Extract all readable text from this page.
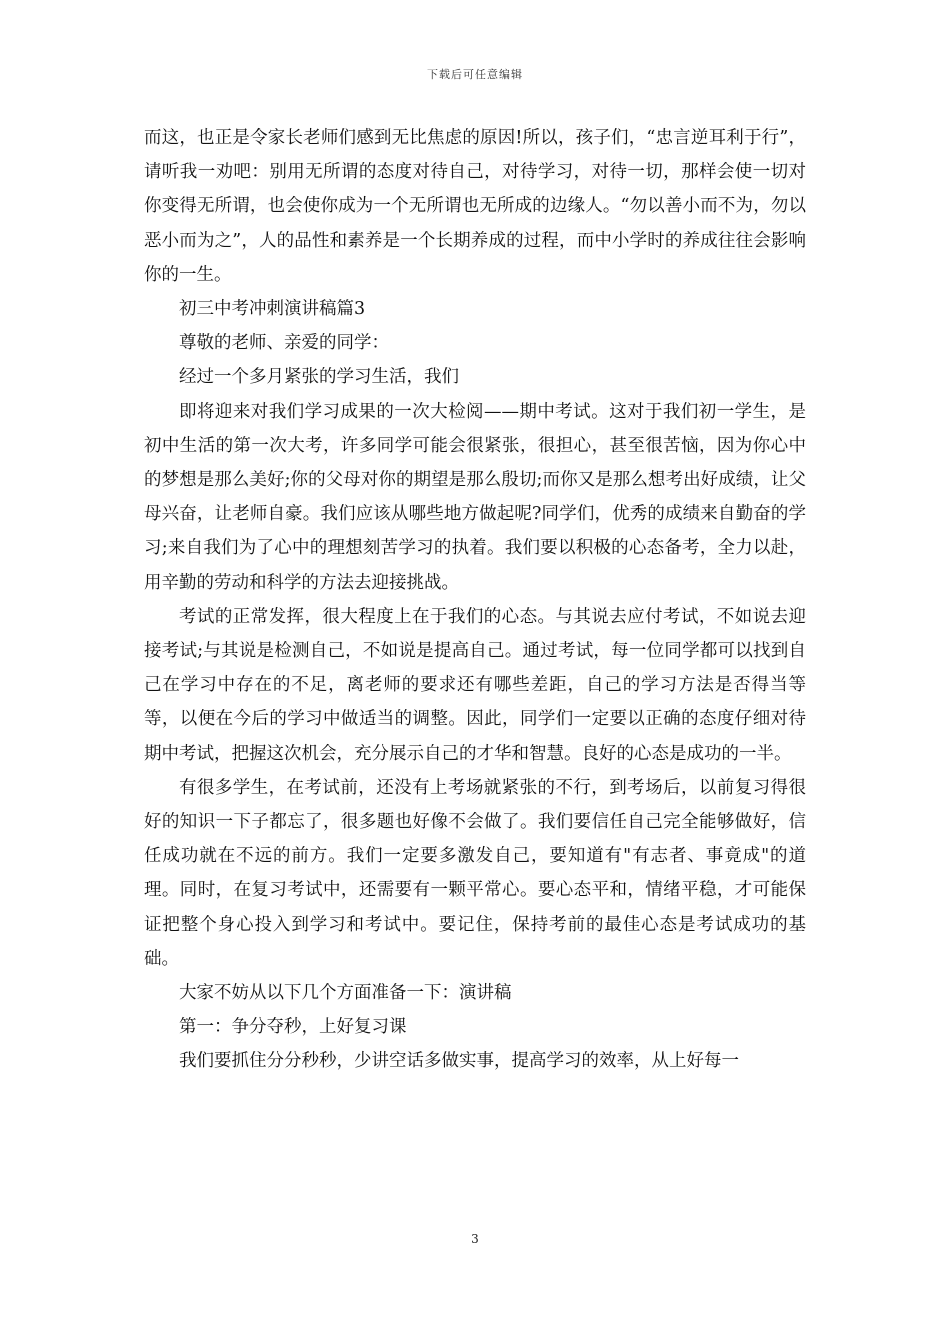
下载后可任意编辑

而这，也正是令家长老师们感到无比焦虑的原因!所以，孩子们，“忠言逆耳利于行”，请听我一劝吧：别用无所谓的态度对待自己，对待学习，对待一切，那样会使一切对你变得无所谓，也会使你成为一个无所谓也无所成的边缘人。“勿以善小而不为，勿以恶小而为之”，人的品性和素养是一个长期养成的过程，而中小学时的养成往往会影响你的一生。

初三中考冲刺演讲稿篇3

尊敬的老师、亲爱的同学：

经过一个多月紧张的学习生活，我们

即将迎来对我们学习成果的一次大检阅——期中考试。这对于我们初一学生，是初中生活的第一次大考，许多同学可能会很紧张，很担心，甚至很苦恼，因为你心中的梦想是那么美好;你的父母对你的期望是那么殷切;而你又是那么想考出好成绩，让父母兴奋，让老师自豪。我们应该从哪些地方做起呢?同学们，优秀的成绩来自勤奋的学习;来自我们为了心中的理想刻苦学习的执着。我们要以积极的心态备考，全力以赴，用辛勤的劳动和科学的方法去迎接挑战。

考试的正常发挥，很大程度上在于我们的心态。与其说去应付考试，不如说去迎接考试;与其说是检测自己，不如说是提高自己。通过考试，每一位同学都可以找到自己在学习中存在的不足，离老师的要求还有哪些差距，自己的学习方法是否得当等等，以便在今后的学习中做适当的调整。因此，同学们一定要以正确的态度仔细对待期中考试，把握这次机会，充分展示自己的才华和智慧。良好的心态是成功的一半。

有很多学生，在考试前，还没有上考场就紧张的不行，到考场后，以前复习得很好的知识一下子都忘了，很多题也好像不会做了。我们要信任自己完全能够做好，信任成功就在不远的前方。我们一定要多激发自己，要知道有"有志者、事竟成"的道理。同时，在复习考试中，还需要有一颗平常心。要心态平和，情绪平稳，才可能保证把整个身心投入到学习和考试中。要记住，保持考前的最佳心态是考试成功的基础。

大家不妨从以下几个方面准备一下：演讲稿

第一：争分夺秒，上好复习课

我们要抓住分分秒秒，少讲空话多做实事，提高学习的效率，从上好每一

3
